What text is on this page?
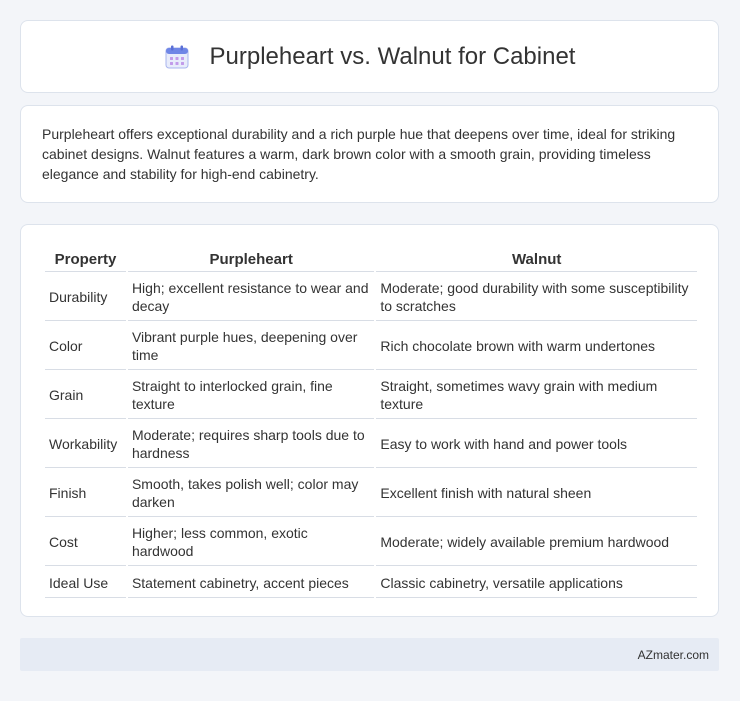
Purpleheart vs. Walnut for Cabinet

Purpleheart offers exceptional durability and a rich purple hue that deepens over time, ideal for striking cabinet designs. Walnut features a warm, dark brown color with a smooth grain, providing timeless elegance and stability for high-end cabinetry.

Property	Purpleheart	Walnut
Durability	High; excellent resistance to wear and decay	Moderate; good durability with some susceptibility to scratches
Color	Vibrant purple hues, deepening over time	Rich chocolate brown with warm undertones
Grain	Straight to interlocked grain, fine texture	Straight, sometimes wavy grain with medium texture
Workability	Moderate; requires sharp tools due to hardness	Easy to work with hand and power tools
Finish	Smooth, takes polish well; color may darken	Excellent finish with natural sheen
Cost	Higher; less common, exotic hardwood	Moderate; widely available premium hardwood
Ideal Use	Statement cabinetry, accent pieces	Classic cabinetry, versatile applications
AZmater.com
